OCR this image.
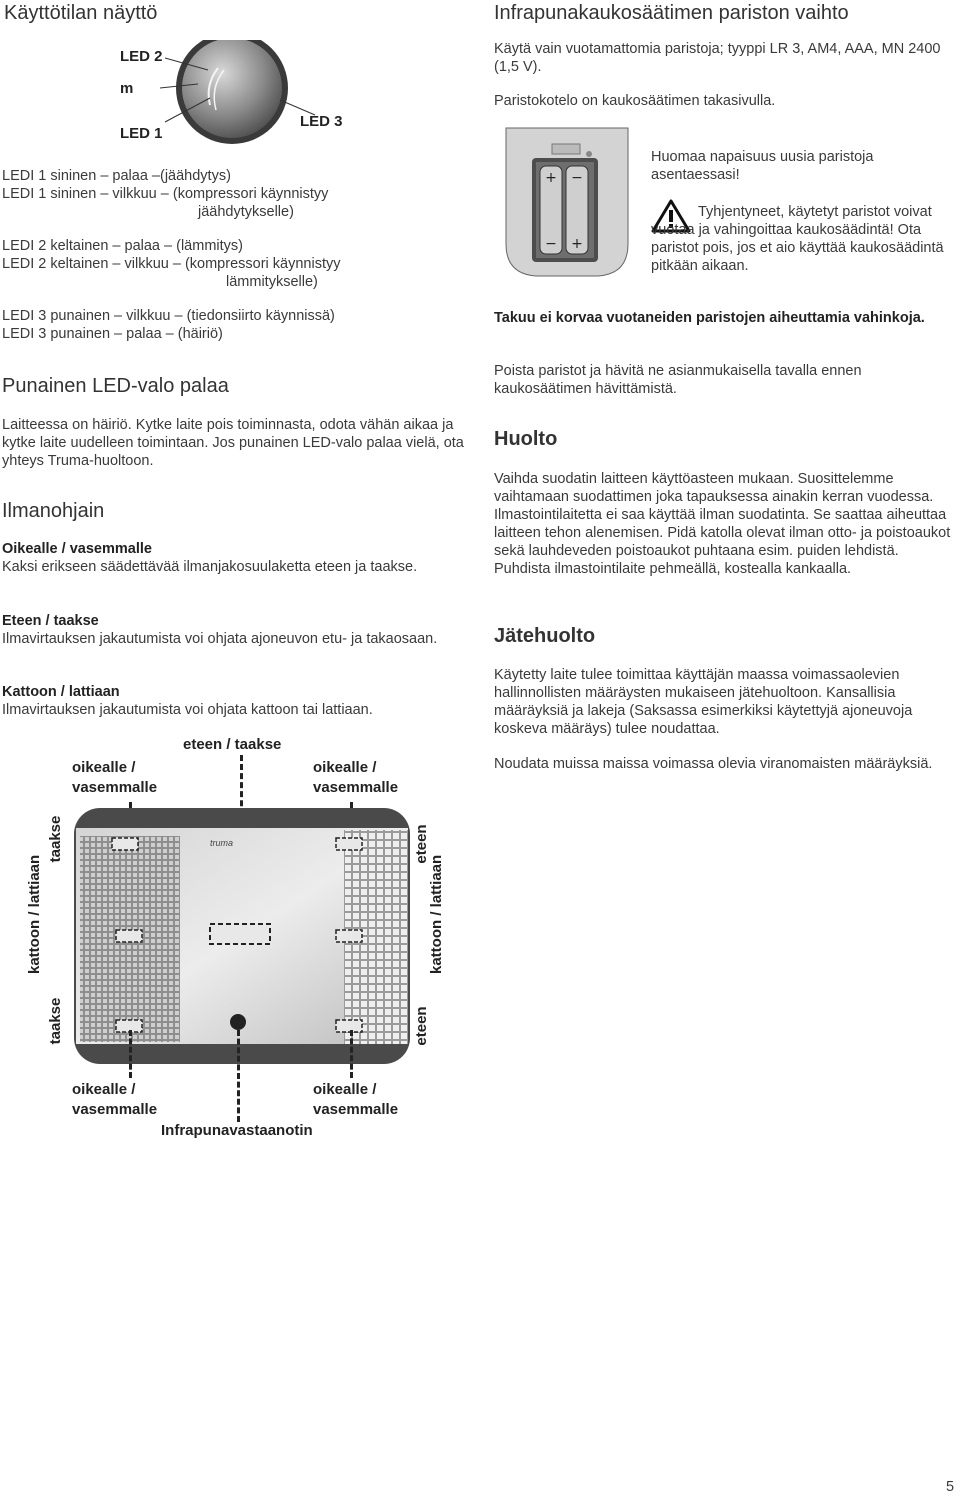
Käyttötilan näyttö
LED 2
m
LED 1
LED 3
LEDI 1 sininen – palaa –(jäähdytys)
LEDI 1 sininen – vilkkuu – (kompressori käynnistyy
jäähdytykselle)
LEDI 2 keltainen – palaa – (lämmitys)
LEDI 2 keltainen – vilkkuu – (kompressori käynnistyy
lämmitykselle)
LEDI 3 punainen – vilkkuu – (tiedonsiirto käynnissä)
LEDI 3 punainen – palaa – (häiriö)
Punainen LED-valo palaa

Laitteessa on häiriö. Kytke laite pois toiminnasta, odota vähän aikaa ja kytke laite uudelleen toimintaan. Jos punainen LED-valo palaa vielä, ota yhteys Truma-huoltoon.

Ilmanohjain
Oikealle / vasemmalle

Kaksi erikseen säädettävää ilmanjakosuulaketta eteen ja taakse.

Eteen / taakse

Ilmavirtauksen jakautumista voi ohjata ajoneuvon etu- ja takaosaan.

Kattoon / lattiaan

Ilmavirtauksen jakautumista voi ohjata kattoon tai lattiaan.

eteen / taakse
oikealle / vasemmalle
oikealle / vasemmalle
truma
taakse
kattoon / lattiaan
taakse
eteen
kattoon / lattiaan
eteen
oikealle / vasemmalle
oikealle / vasemmalle
Infrapunavastaanotin
Infrapunakaukosäätimen pariston vaihto

Käytä vain vuotamattomia paristoja; tyyppi LR 3, AM4, AAA, MN 2400 (1,5 V).

Paristokotelo on kaukosäätimen takasivulla.

+ −
− +

Huomaa napaisuus uusia paristoja asentaessasi!

Tyhjentyneet, käytetyt paristot voivat vuotaa ja vahingoittaa kaukosäädintä! Ota paristot pois, jos et aio käyttää kaukosäädintä pitkään aikaan.

Takuu ei korvaa vuotaneiden paristojen aiheuttamia vahinkoja.

Poista paristot ja hävitä ne asianmukaisella tavalla ennen kaukosäätimen hävittämistä.

Huolto

Vaihda suodatin laitteen käyttöasteen mukaan. Suosittelemme vaihtamaan suodattimen joka tapauksessa ainakin kerran vuodessa. Ilmastointilaitetta ei saa käyttää ilman suodatinta. Se saattaa aiheuttaa laitteen tehon alenemisen. Pidä katolla olevat ilman otto- ja poistoaukot sekä lauhdeveden poistoaukot puhtaana esim. puiden lehdistä. Puhdista ilmastointilaite pehmeällä, kostealla kankaalla.

Jätehuolto

Käytetty laite tulee toimittaa käyttäjän maassa voimassaolevien hallinnollisten määräysten mukaiseen jätehuoltoon. Kansallisia määräyksiä ja lakeja (Saksassa esimerkiksi käytettyjä ajoneuvoja koskeva määräys) tulee noudattaa.

Noudata muissa maissa voimassa olevia viranomaisten määräyksiä.

5
